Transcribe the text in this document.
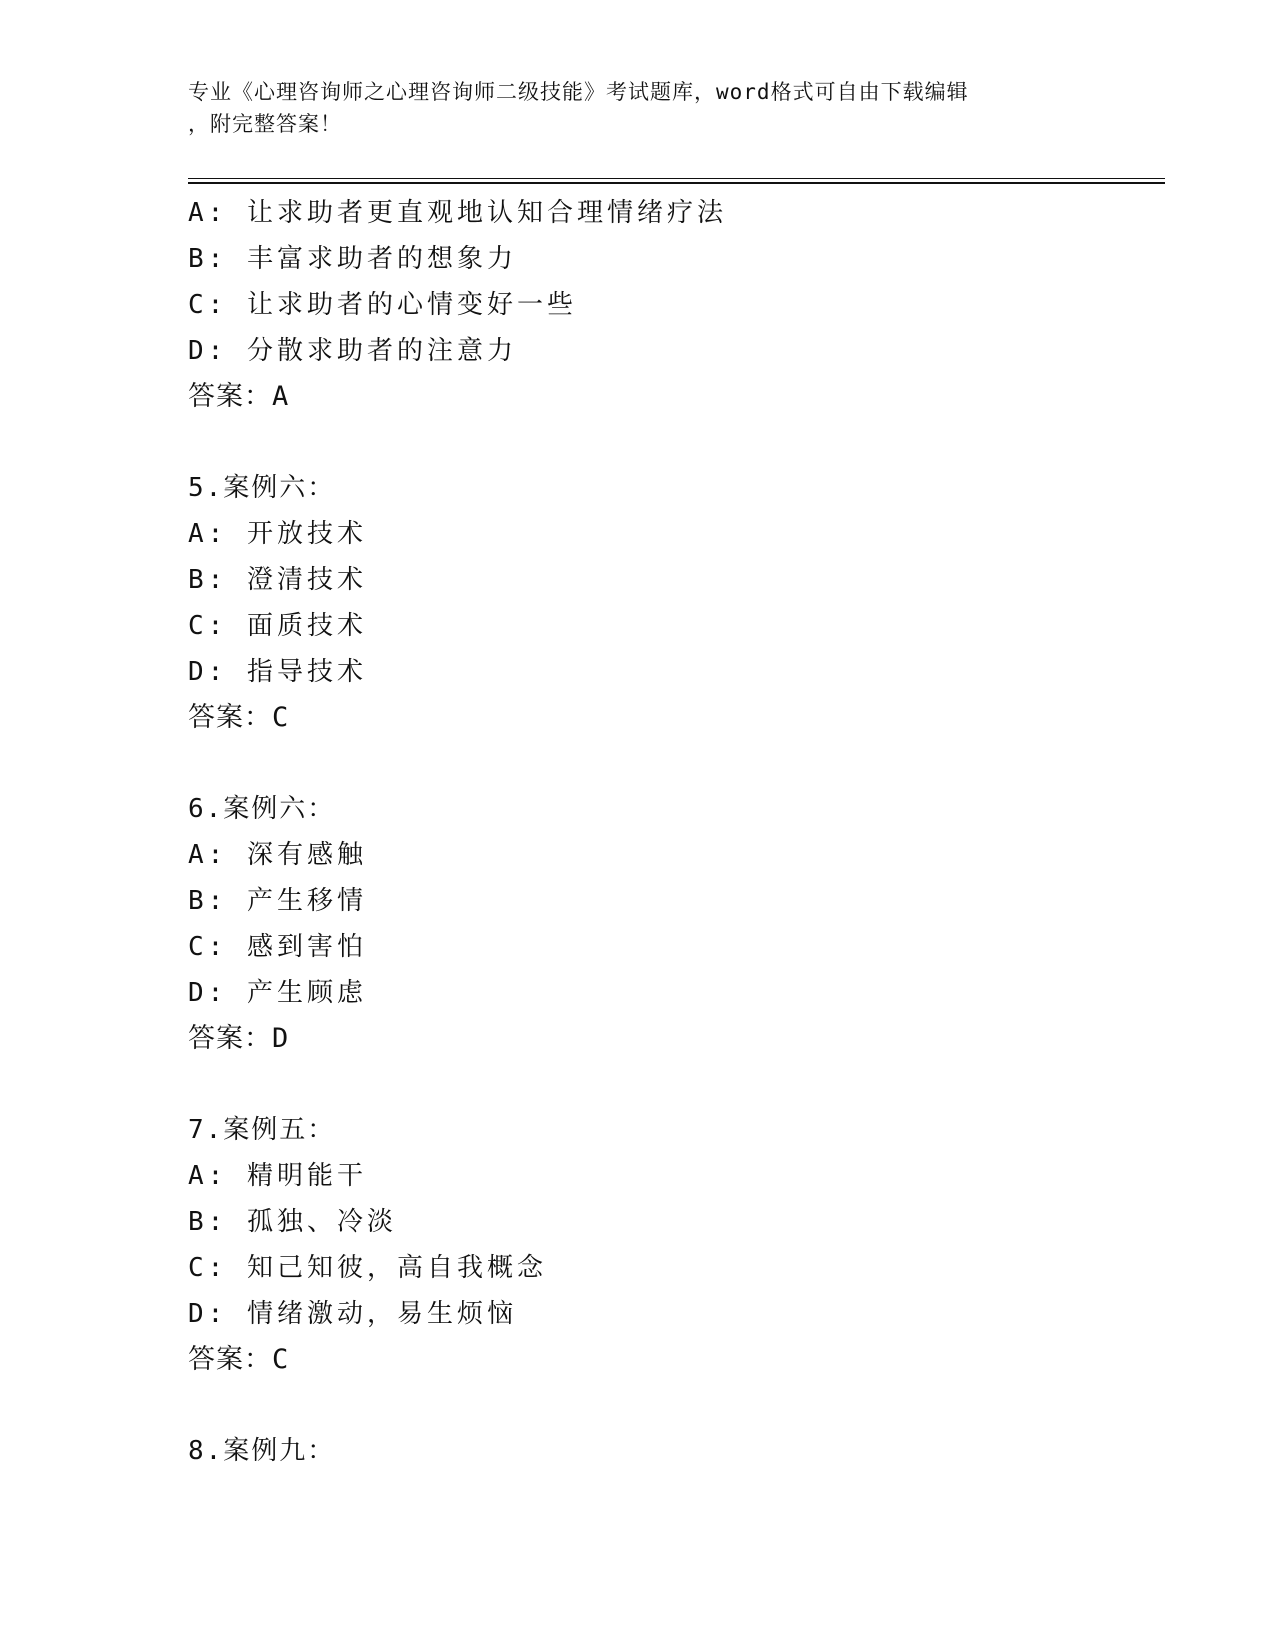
专业《心理咨询师之心理咨询师二级技能》考试题库，word格式可自由下载编辑
，附完整答案！
A: 让求助者更直观地认知合理情绪疗法
B: 丰富求助者的想象力
C: 让求助者的心情变好一些
D: 分散求助者的注意力
答案：A
5.案例六：
A: 开放技术
B: 澄清技术
C: 面质技术
D: 指导技术
答案：C
6.案例六：
A: 深有感触
B: 产生移情
C: 感到害怕
D: 产生顾虑
答案：D
7.案例五：
A: 精明能干
B: 孤独、冷淡
C: 知己知彼，高自我概念
D: 情绪激动，易生烦恼
答案：C
8.案例九：
